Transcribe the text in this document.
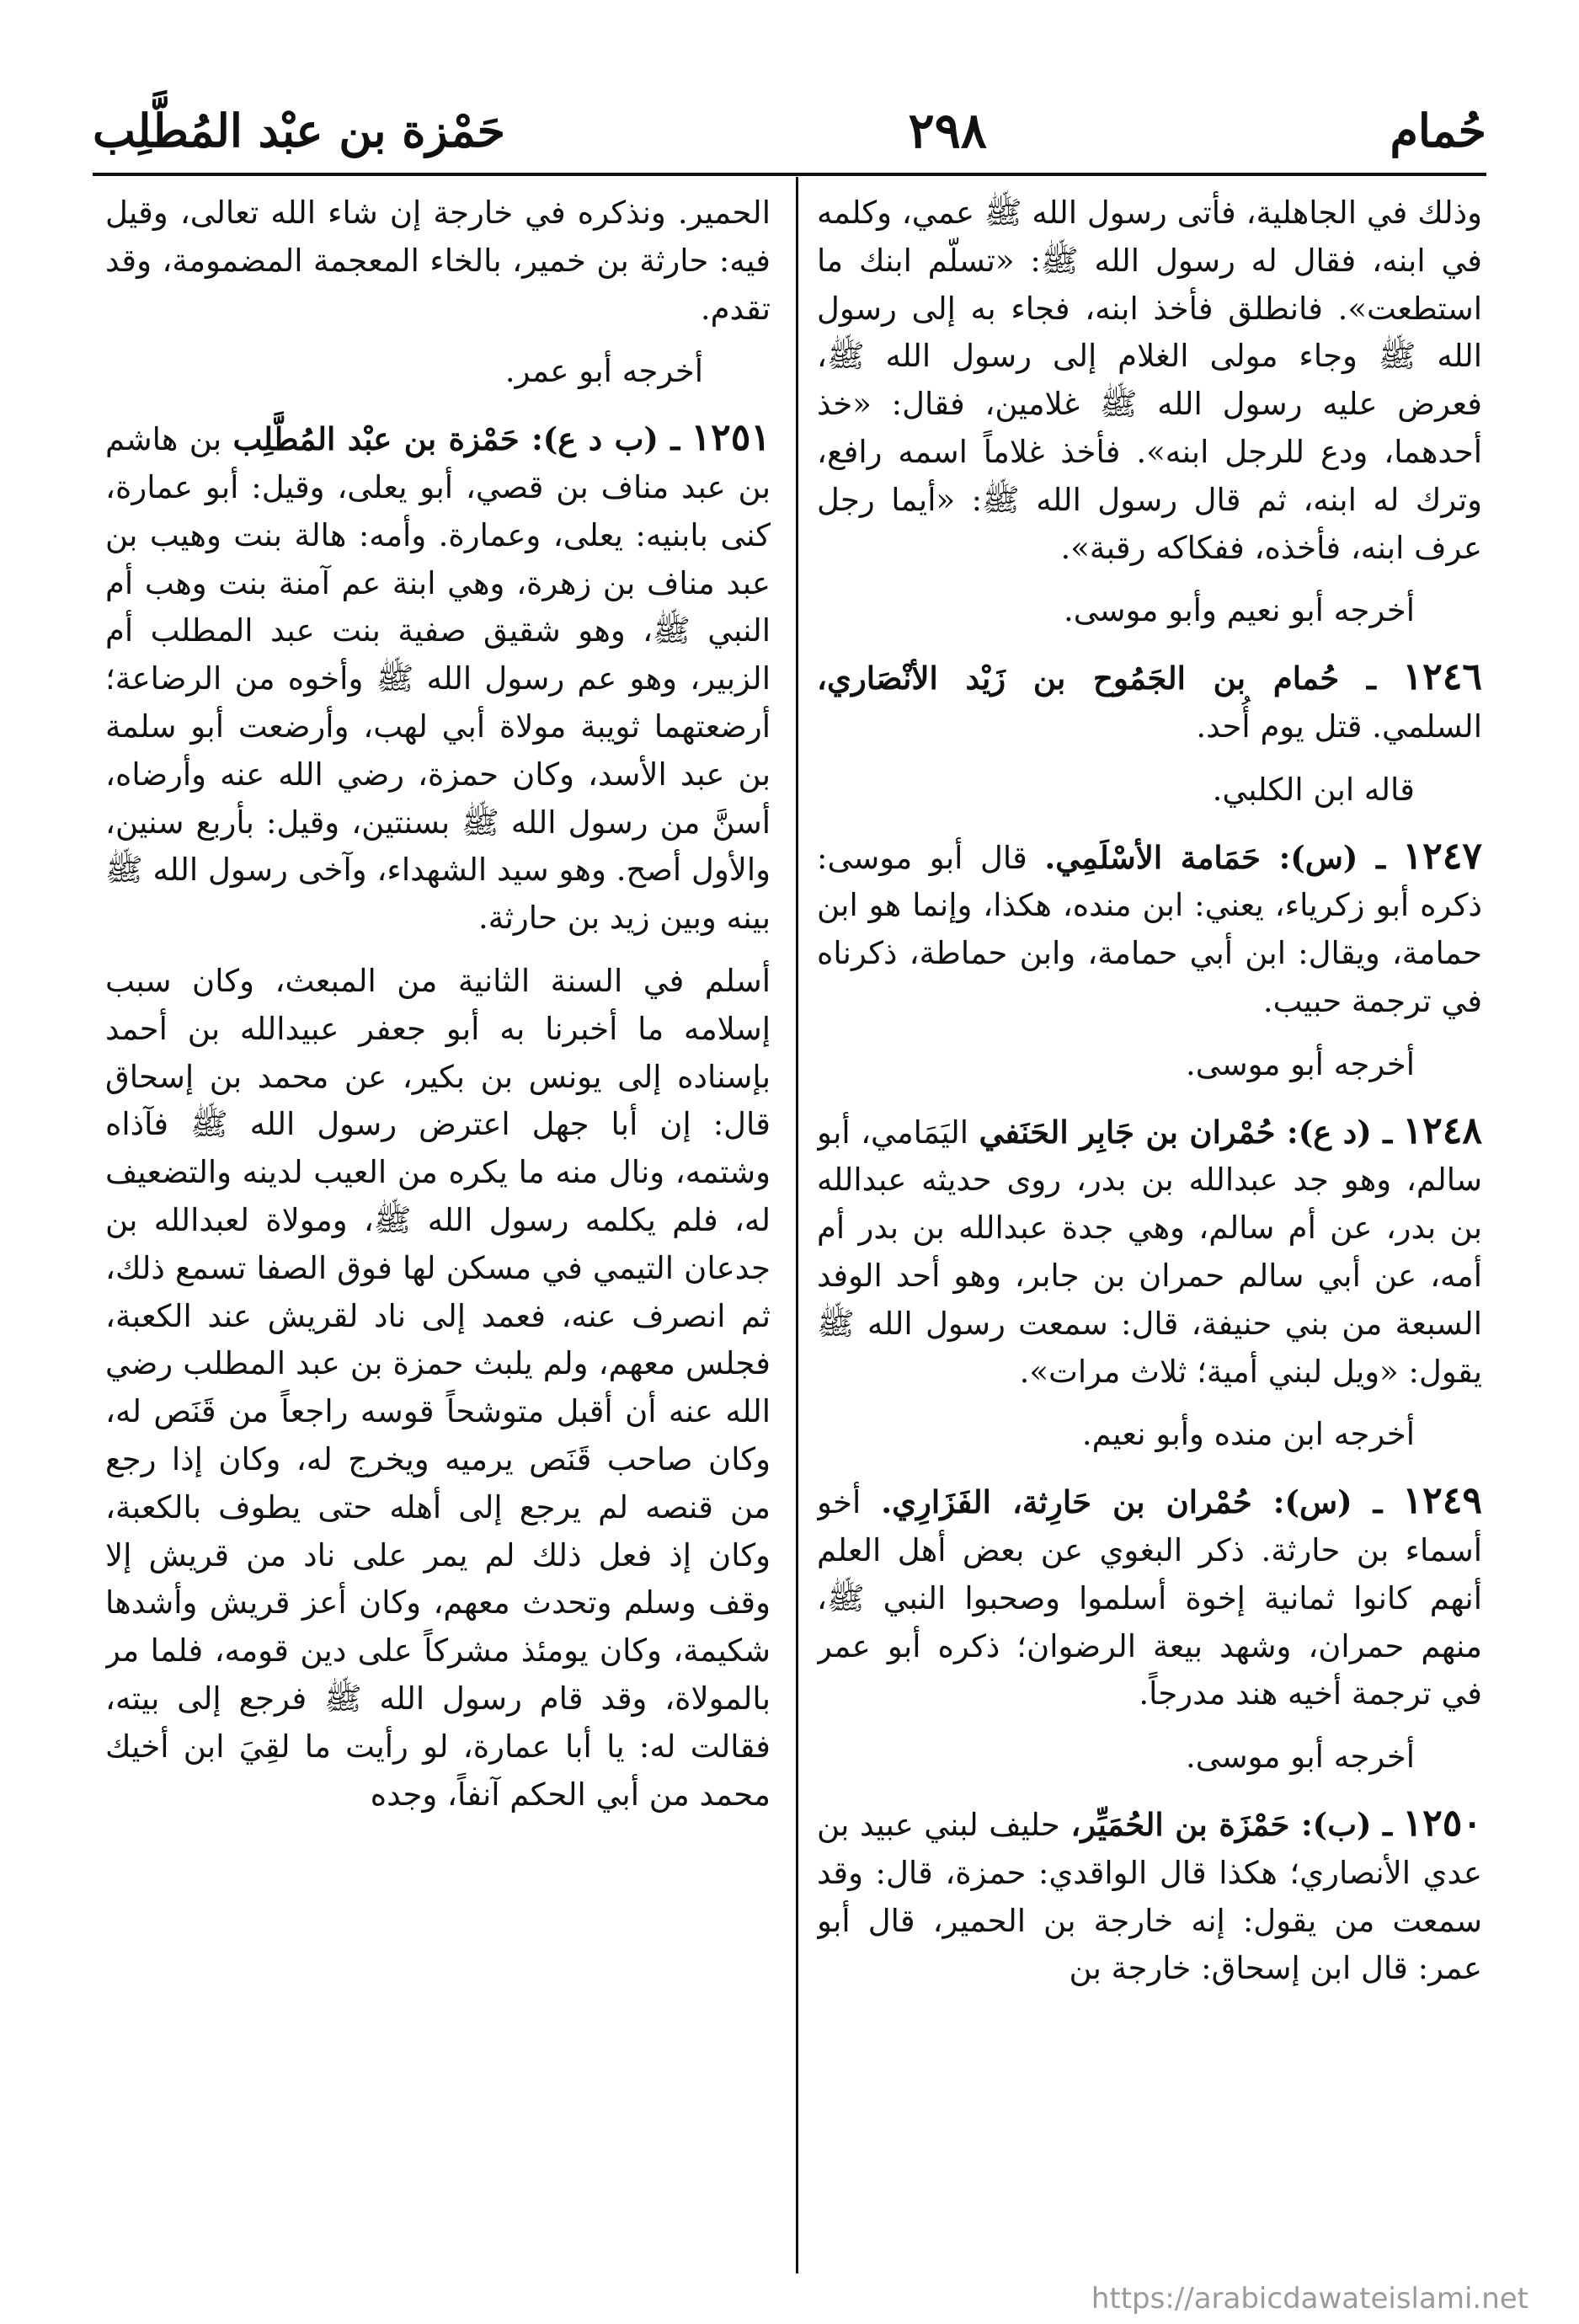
حُمام
٢٩٨
حَمْزة بن عبْد المُطَّلِب

وذلك في الجاهلية، فأتى رسول الله ﷺ عمي، وكلمه في ابنه، فقال له رسول الله ﷺ: «تسلّم ابنك ما استطعت». فانطلق فأخذ ابنه، فجاء به إلى رسول الله ﷺ وجاء مولى الغلام إلى رسول الله ﷺ، فعرض عليه رسول الله ﷺ غلامين، فقال: «خذ أحدهما، ودع للرجل ابنه». فأخذ غلاماً اسمه رافع، وترك له ابنه، ثم قال رسول الله ﷺ: «أيما رجل عرف ابنه، فأخذه، ففكاكه رقبة».

أخرجه أبو نعيم وأبو موسى.

١٢٤٦ ـ حُمام بن الجَمُوح بن زَيْد الأنْصَاري، السلمي. قتل يوم أُحد.

قاله ابن الكلبي.

١٢٤٧ ـ (س): حَمَامة الأسْلَمِي. قال أبو موسى: ذكره أبو زكرياء، يعني: ابن منده، هكذا، وإنما هو ابن حمامة، ويقال: ابن أبي حمامة، وابن حماطة، ذكرناه في ترجمة حبيب.

أخرجه أبو موسى.

١٢٤٨ ـ (د ع): حُمْران بن جَابِر الحَنَفي اليَمَامي، أبو سالم، وهو جد عبدالله بن بدر، روى حديثه عبدالله بن بدر، عن أم سالم، وهي جدة عبدالله بن بدر أم أمه، عن أبي سالم حمران بن جابر، وهو أحد الوفد السبعة من بني حنيفة، قال: سمعت رسول الله ﷺ يقول: «ويل لبني أمية؛ ثلاث مرات».

أخرجه ابن منده وأبو نعيم.

١٢٤٩ ـ (س): حُمْران بن حَارِثة، الفَزَارِي. أخو أسماء بن حارثة. ذكر البغوي عن بعض أهل العلم أنهم كانوا ثمانية إخوة أسلموا وصحبوا النبي ﷺ، منهم حمران، وشهد بيعة الرضوان؛ ذكره أبو عمر في ترجمة أخيه هند مدرجاً.

أخرجه أبو موسى.

١٢٥٠ ـ (ب): حَمْزَة بن الحُمَيِّر، حليف لبني عبيد بن عدي الأنصاري؛ هكذا قال الواقدي: حمزة، قال: وقد سمعت من يقول: إنه خارجة بن الحمير، قال أبو عمر: قال ابن إسحاق: خارجة بن

الحمير. ونذكره في خارجة إن شاء الله تعالى، وقيل فيه: حارثة بن خمير، بالخاء المعجمة المضمومة، وقد تقدم.

أخرجه أبو عمر.

١٢٥١ ـ (ب د ع): حَمْزة بن عبْد المُطَّلِب بن هاشم بن عبد مناف بن قصي، أبو يعلى، وقيل: أبو عمارة، كنى بابنيه: يعلى، وعمارة. وأمه: هالة بنت وهيب بن عبد مناف بن زهرة، وهي ابنة عم آمنة بنت وهب أم النبي ﷺ، وهو شقيق صفية بنت عبد المطلب أم الزبير، وهو عم رسول الله ﷺ وأخوه من الرضاعة؛ أرضعتهما ثويبة مولاة أبي لهب، وأرضعت أبو سلمة بن عبد الأسد، وكان حمزة، رضي الله عنه وأرضاه، أسنَّ من رسول الله ﷺ بسنتين، وقيل: بأربع سنين، والأول أصح. وهو سيد الشهداء، وآخى رسول الله ﷺ بينه وبين زيد بن حارثة.

أسلم في السنة الثانية من المبعث، وكان سبب إسلامه ما أخبرنا به أبو جعفر عبيدالله بن أحمد بإسناده إلى يونس بن بكير، عن محمد بن إسحاق قال: إن أبا جهل اعترض رسول الله ﷺ فآذاه وشتمه، ونال منه ما يكره من العيب لدينه والتضعيف له، فلم يكلمه رسول الله ﷺ، ومولاة لعبدالله بن جدعان التيمي في مسكن لها فوق الصفا تسمع ذلك، ثم انصرف عنه، فعمد إلى ناد لقريش عند الكعبة، فجلس معهم، ولم يلبث حمزة بن عبد المطلب رضي الله عنه أن أقبل متوشحاً قوسه راجعاً من قَنَص له، وكان صاحب قَنَص يرميه ويخرج له، وكان إذا رجع من قنصه لم يرجع إلى أهله حتى يطوف بالكعبة، وكان إذ فعل ذلك لم يمر على ناد من قريش إلا وقف وسلم وتحدث معهم، وكان أعز قريش وأشدها شكيمة، وكان يومئذ مشركاً على دين قومه، فلما مر بالمولاة، وقد قام رسول الله ﷺ فرجع إلى بيته، فقالت له: يا أبا عمارة، لو رأيت ما لقِيَ ابن أخيك محمد من أبي الحكم آنفاً، وجده

https://arabicdawateislami.net
